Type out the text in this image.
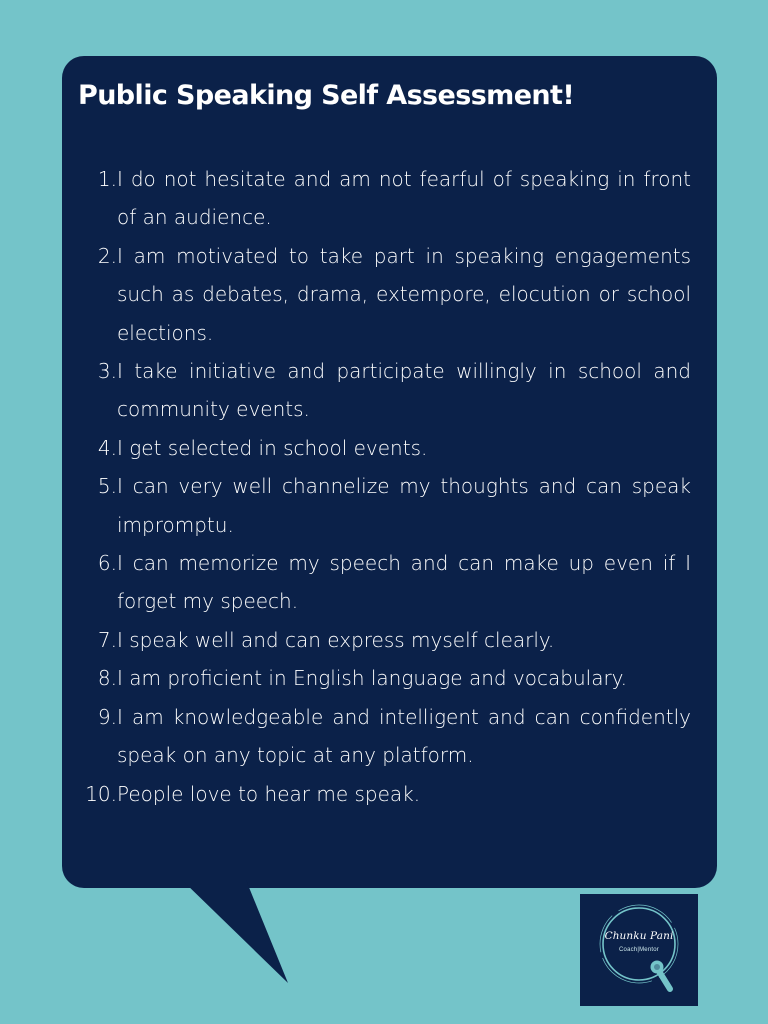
Public Speaking Self Assessment!
1. I do not hesitate and am not fearful of speaking in front of an audience.
2. I am motivated to take part in speaking engagements such as debates, drama, extempore, elocution or school elections.
3. I take initiative and participate willingly in school and community events.
4. I get selected in school events.
5. I can very well channelize my thoughts and can speak impromptu.
6. I can memorize my speech and can make up even if I forget my speech.
7. I speak well and can express myself clearly.
8. I am proficient in English language and vocabulary.
9. I am knowledgeable and intelligent and can confidently speak on any topic at any platform.
10. People love to hear me speak.
Chunku Pani
Coach|Mentor
